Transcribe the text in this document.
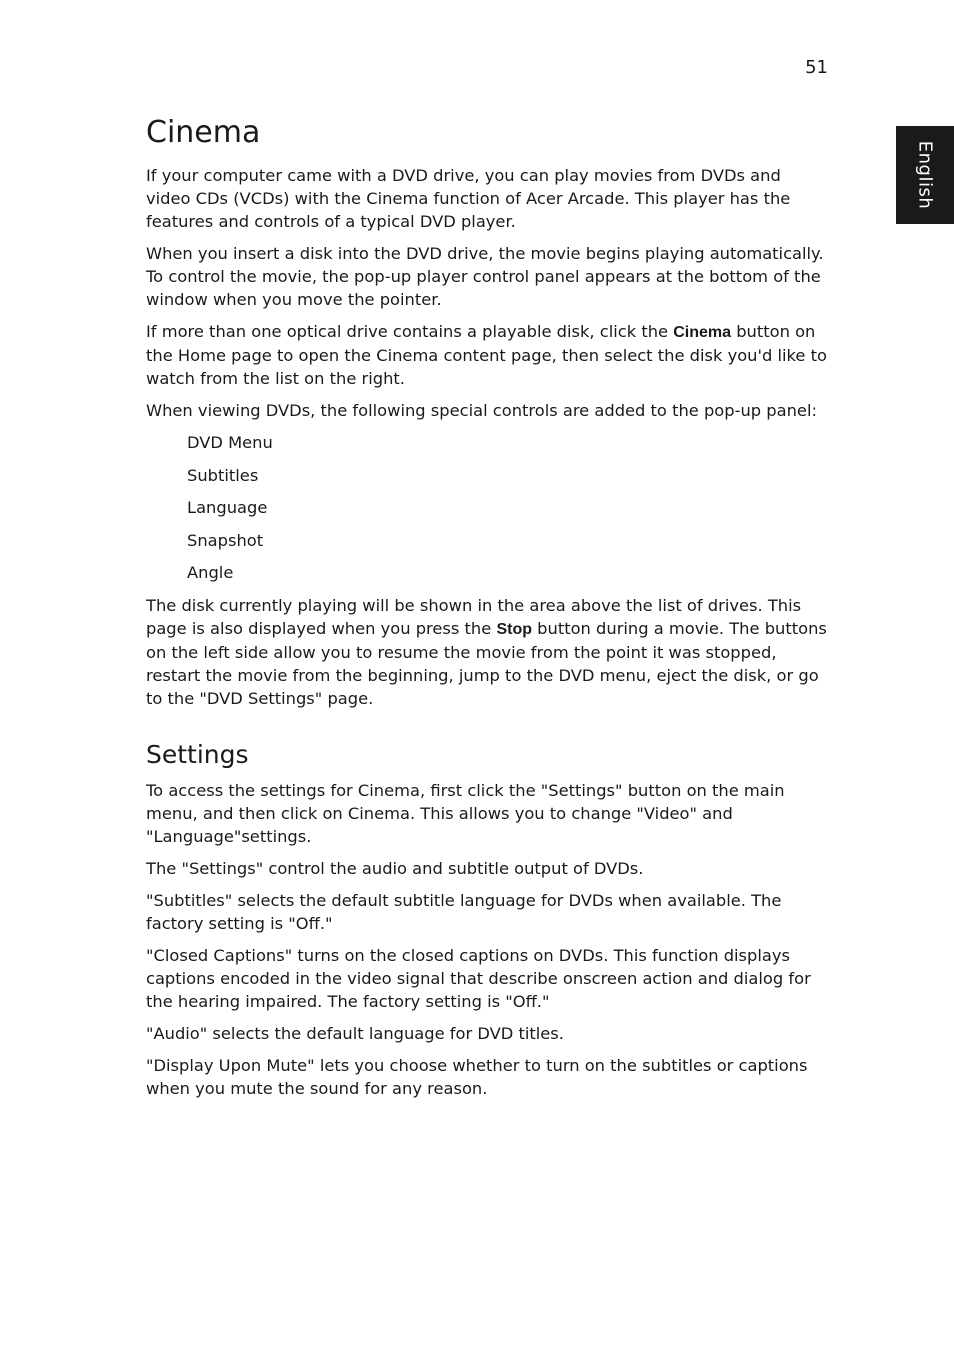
51
English
Cinema

If your computer came with a DVD drive, you can play movies from DVDs and video CDs (VCDs) with the Cinema function of Acer Arcade. This player has the features and controls of a typical DVD player.

When you insert a disk into the DVD drive, the movie begins playing automatically. To control the movie, the pop-up player control panel appears at the bottom of the window when you move the pointer.

If more than one optical drive contains a playable disk, click the Cinema button on the Home page to open the Cinema content page, then select the disk you'd like to watch from the list on the right.

When viewing DVDs, the following special controls are added to the pop-up panel:

DVD Menu
Subtitles
Language
Snapshot
Angle

The disk currently playing will be shown in the area above the list of drives. This page is also displayed when you press the Stop button during a movie. The buttons on the left side allow you to resume the movie from the point it was stopped, restart the movie from the beginning, jump to the DVD menu, eject the disk, or go to the "DVD Settings" page.

Settings

To access the settings for Cinema, first click the "Settings" button on the main menu, and then click on Cinema. This allows you to change "Video" and "Language"settings.

The "Settings" control the audio and subtitle output of DVDs.

"Subtitles" selects the default subtitle language for DVDs when available. The factory setting is "Off."

"Closed Captions" turns on the closed captions on DVDs. This function displays captions encoded in the video signal that describe onscreen action and dialog for the hearing impaired. The factory setting is "Off."

"Audio" selects the default language for DVD titles.

"Display Upon Mute" lets you choose whether to turn on the subtitles or captions when you mute the sound for any reason.
